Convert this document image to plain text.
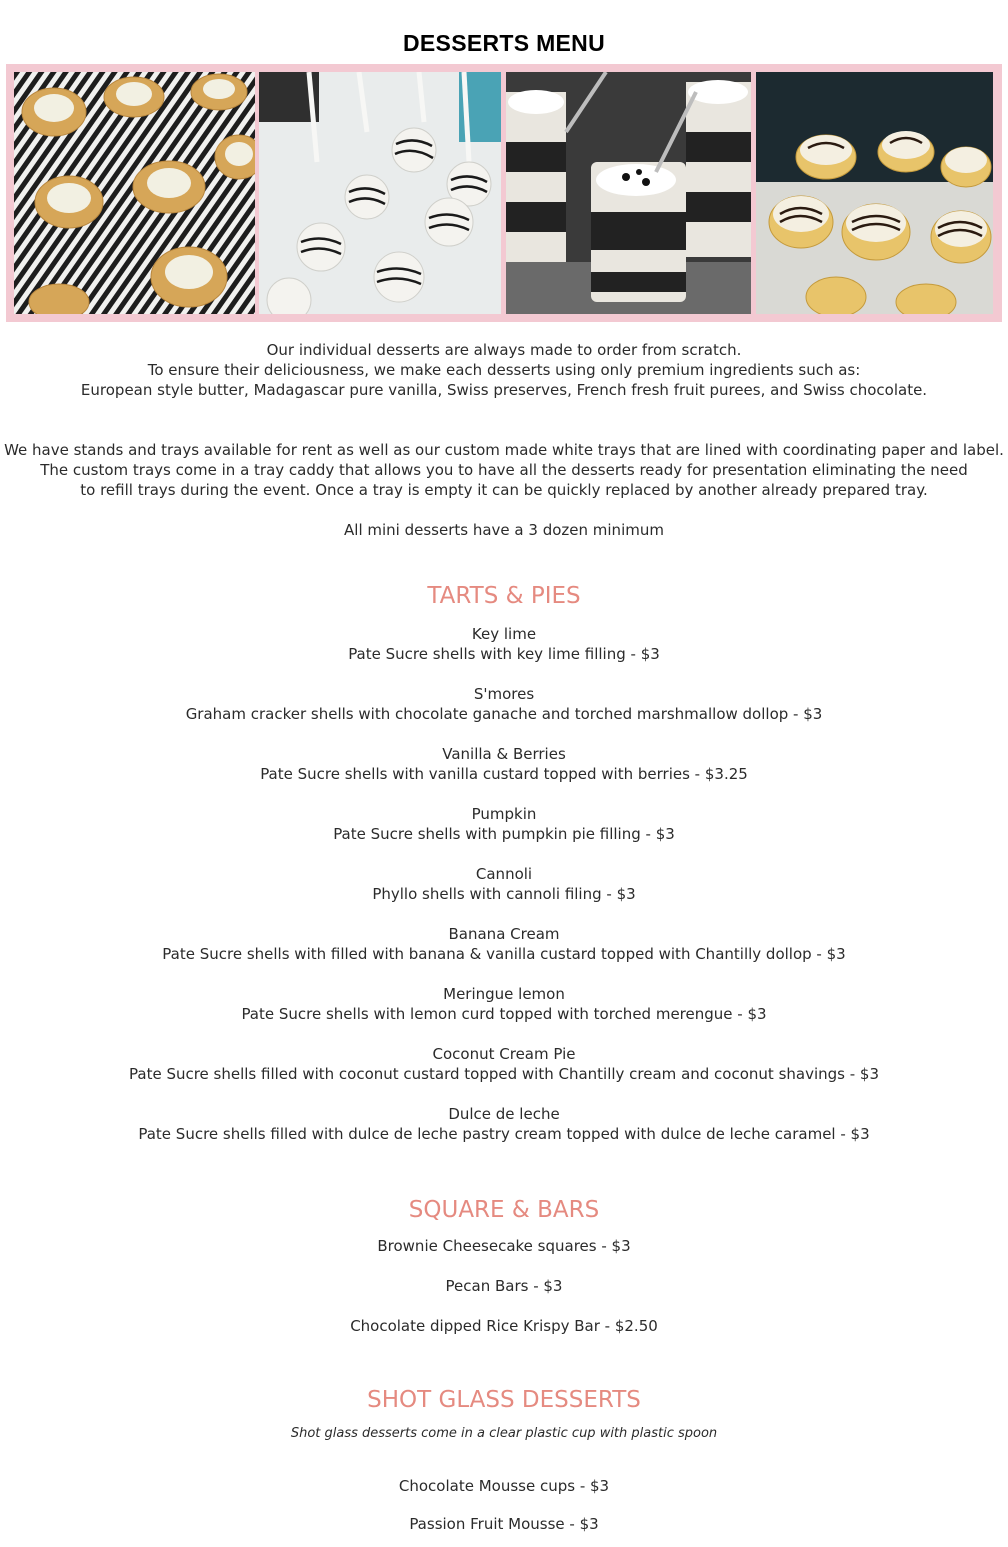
DESSERTS MENU

Our individual desserts are always made to order from scratch.

To ensure their deliciousness, we make each desserts using only premium ingredients such as:

European style butter, Madagascar pure vanilla, Swiss preserves, French fresh fruit purees, and Swiss chocolate.

We have stands and trays available for rent as well as our custom made white trays that are lined with coordinating paper and label.

The custom trays come in a tray caddy that allows you to have all the desserts ready for presentation eliminating the need

to refill trays during the event. Once a tray is empty it can be quickly replaced by another already prepared tray.

All mini desserts have a 3 dozen minimum

TARTS & PIES

Key lime

Pate Sucre shells with key lime filling - $3

S'mores

Graham cracker shells with chocolate ganache and torched marshmallow dollop - $3

Vanilla & Berries

Pate Sucre shells with vanilla custard topped with berries - $3.25

Pumpkin

Pate Sucre shells with pumpkin pie filling - $3

Cannoli

Phyllo shells with cannoli filing - $3

Banana Cream

Pate Sucre shells with filled with banana & vanilla custard topped with Chantilly dollop - $3

Meringue lemon

Pate Sucre shells with lemon curd topped with torched merengue - $3

Coconut Cream Pie

Pate Sucre shells filled with coconut custard topped with Chantilly cream and coconut shavings - $3

Dulce de leche

Pate Sucre shells filled with dulce de leche pastry cream topped with dulce de leche caramel - $3

SQUARE & BARS

Brownie Cheesecake squares - $3

Pecan Bars - $3

Chocolate dipped Rice Krispy Bar - $2.50

SHOT GLASS DESSERTS

Shot glass desserts come in a clear plastic cup with plastic spoon

Chocolate Mousse cups - $3

Passion Fruit Mousse - $3
